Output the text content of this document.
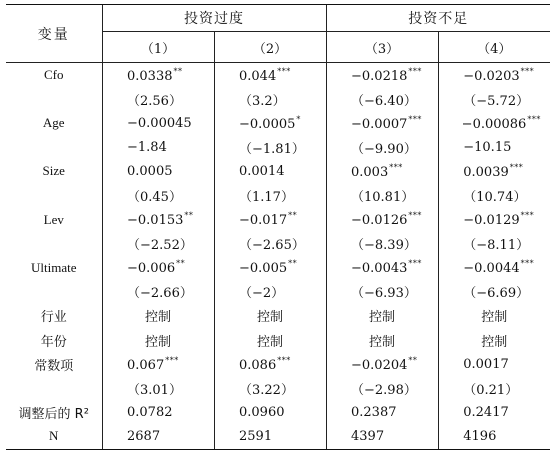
变量	投资过度		投资不足	
	（1）	（2）	（3）	（4）
Cfo	0.0338**	0.044***	−0.0218***	−0.0203***
	（2.56）	（3.2）	（−6.40）	（−5.72）
Age	−0.00045	−0.0005*	−0.0007***	−0.00086***
	−1.84	（−1.81）	（−9.90）	−10.15
Size	0.0005	0.0014	0.003***	0.0039***
	（0.45）	（1.17）	（10.81）	（10.74）
Lev	−0.0153**	−0.017**	−0.0126***	−0.0129***
	（−2.52）	（−2.65）	（−8.39）	（−8.11）
Ultimate	−0.006**	−0.005**	−0.0043***	−0.0044***
	（−2.66）	（−2）	（−6.93）	（−6.69）
行业	控制	控制	控制	控制
年份	控制	控制	控制	控制
常数项	0.067***	0.086***	−0.0204**	0.0017
	（3.01）	（3.22）	（−2.98）	（0.21）
调整后的 R²	0.0782	0.0960	0.2387	0.2417
N	2687	2591	4397	4196
